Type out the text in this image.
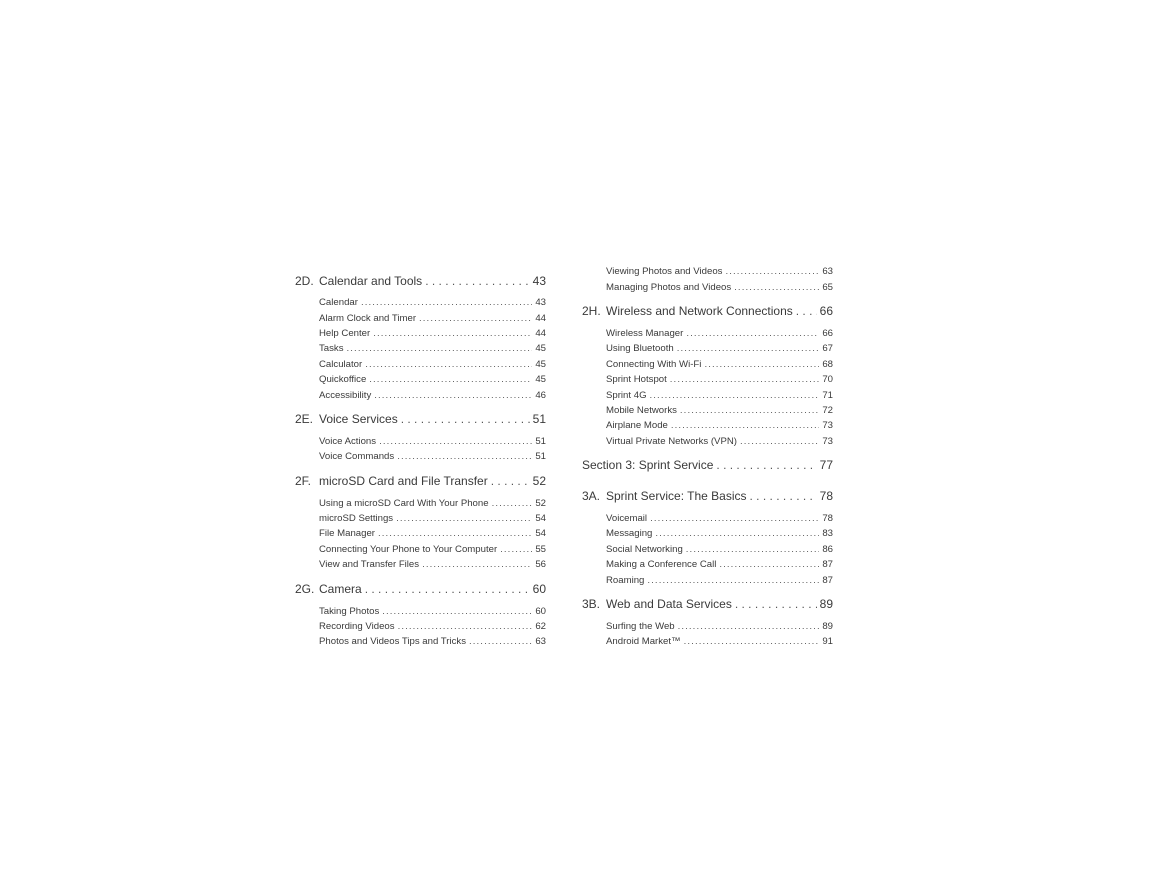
2D. Calendar and Tools . . .	43
Calendar .....	43
Alarm Clock and Timer .....	44
Help Center .....	44
Tasks .....	45
Calculator .....	45
Quickoffice .....	45
Accessibility .....	46
2E. Voice Services . . .	51
Voice Actions .....	51
Voice Commands .....	51
2F. microSD Card and File Transfer . . .	52
Using a microSD Card With Your Phone .....	52
microSD Settings .....	54
File Manager .....	54
Connecting Your Phone to Your Computer .....	55
View and Transfer Files .....	56
2G. Camera . . .	60
Taking Photos .....	60
Recording Videos .....	62
Photos and Videos Tips and Tricks .....	63
Viewing Photos and Videos .....	63
Managing Photos and Videos .....	65
2H. Wireless and Network Connections . . . 66
Wireless Manager .....	66
Using Bluetooth .....	67
Connecting With Wi-Fi .....	68
Sprint Hotspot .....	70
Sprint 4G .....	71
Mobile Networks .....	72
Airplane Mode .....	73
Virtual Private Networks (VPN) .....	73
Section 3: Sprint Service . . .	77
3A. Sprint Service: The Basics . . .	78
Voicemail .....	78
Messaging .....	83
Social Networking .....	86
Making a Conference Call .....	87
Roaming .....	87
3B. Web and Data Services . . .	89
Surfing the Web .....	89
Android Market™ .....	91
